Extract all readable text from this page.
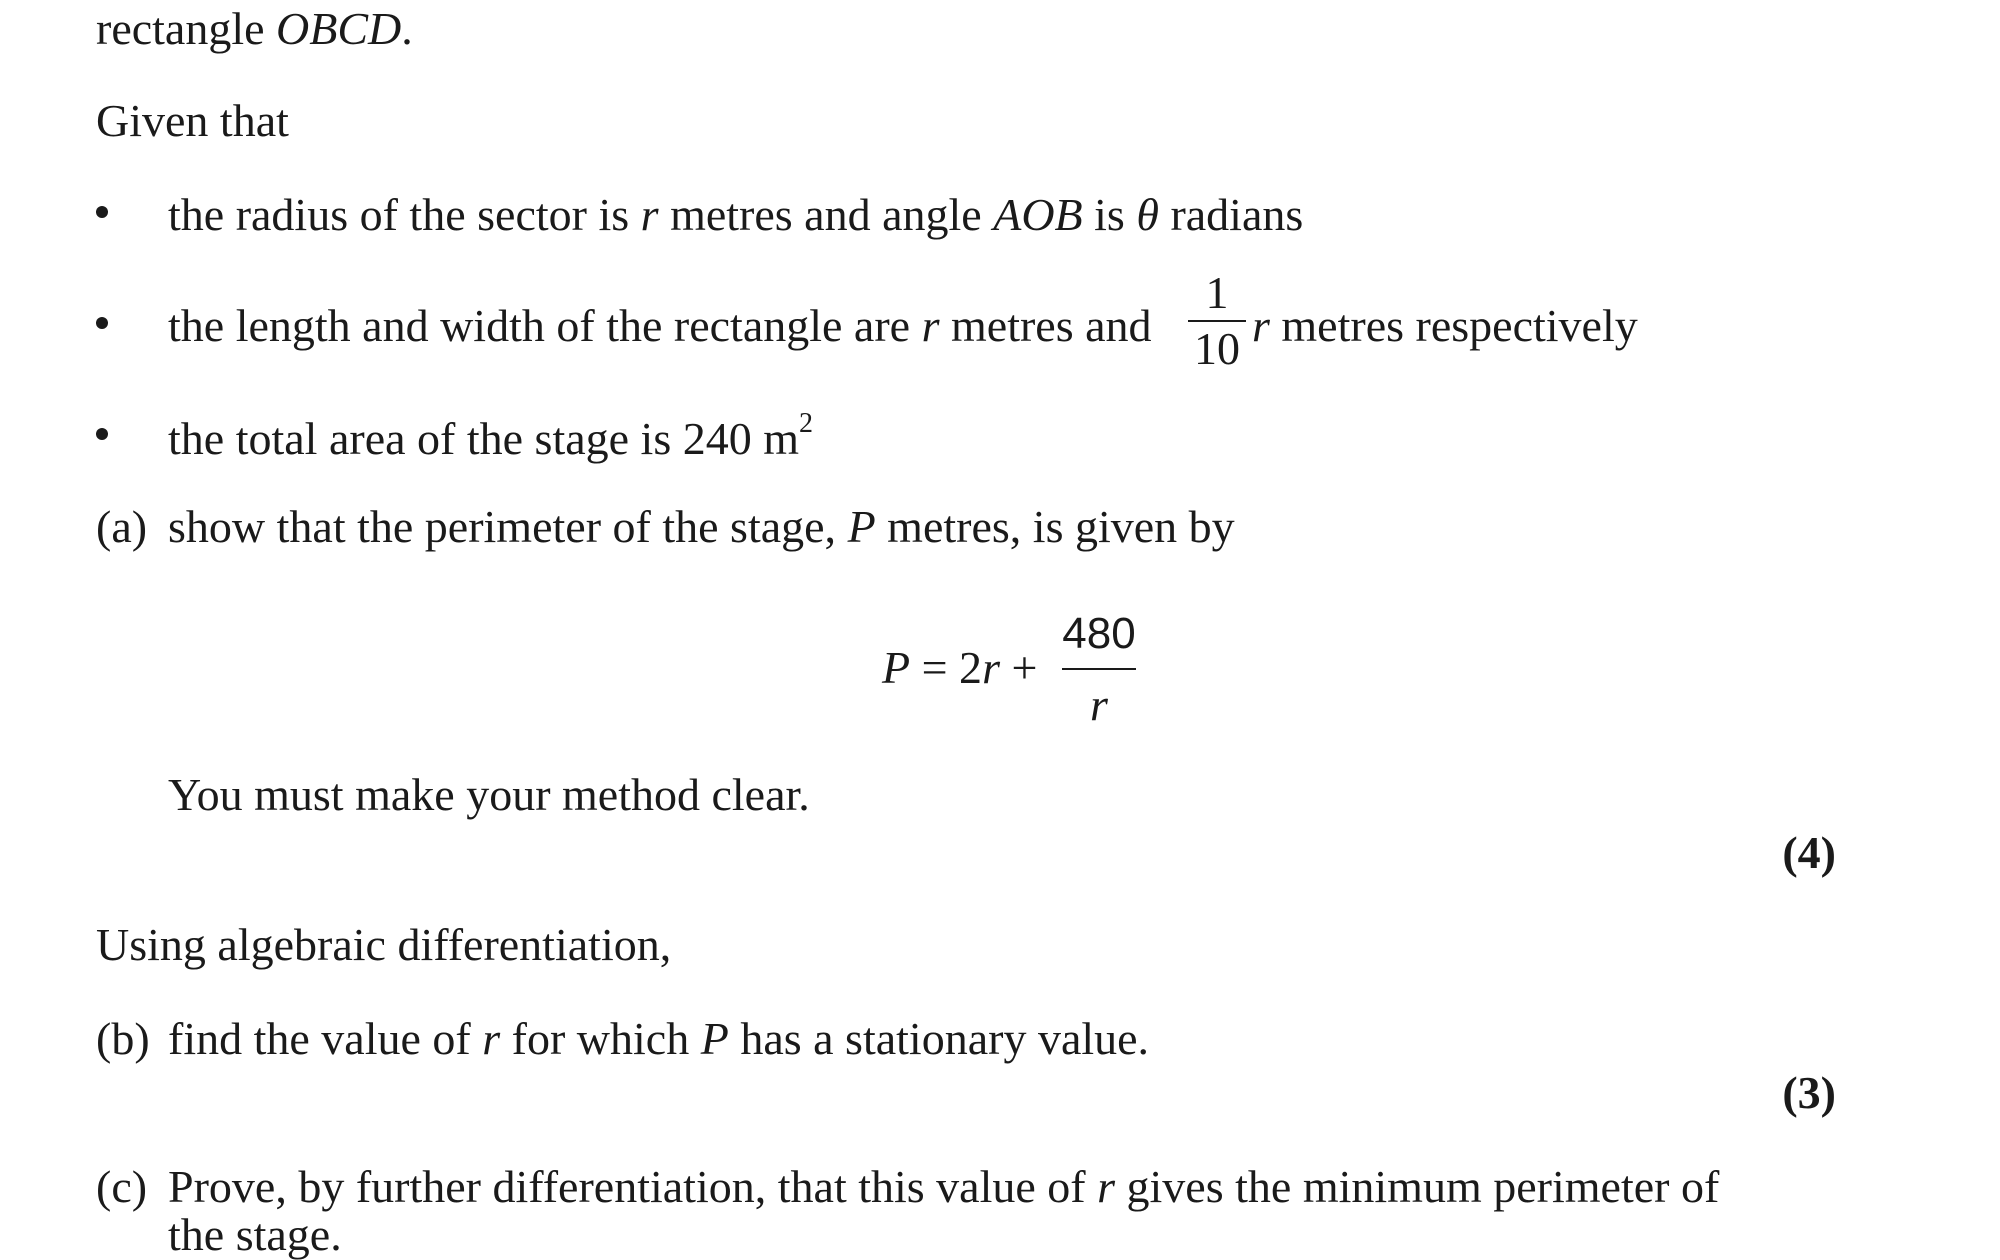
rectangle OBCD.
Given that
the radius of the sector is r metres and angle AOB is θ radians
the length and width of the rectangle are r metres and
1
10 r metres respectively
the total area of the stage is 240 $m^2$
(a) show that the perimeter of the stage, P metres, is given by
P = 2r +
480
r
You must make your method clear.
(4)
Using algebraic differentiation,
(b) find the value of r for which P has a stationary value.
(3)
(c) Prove, by further differentiation, that this value of r gives the minimum perimeter of
the stage.
